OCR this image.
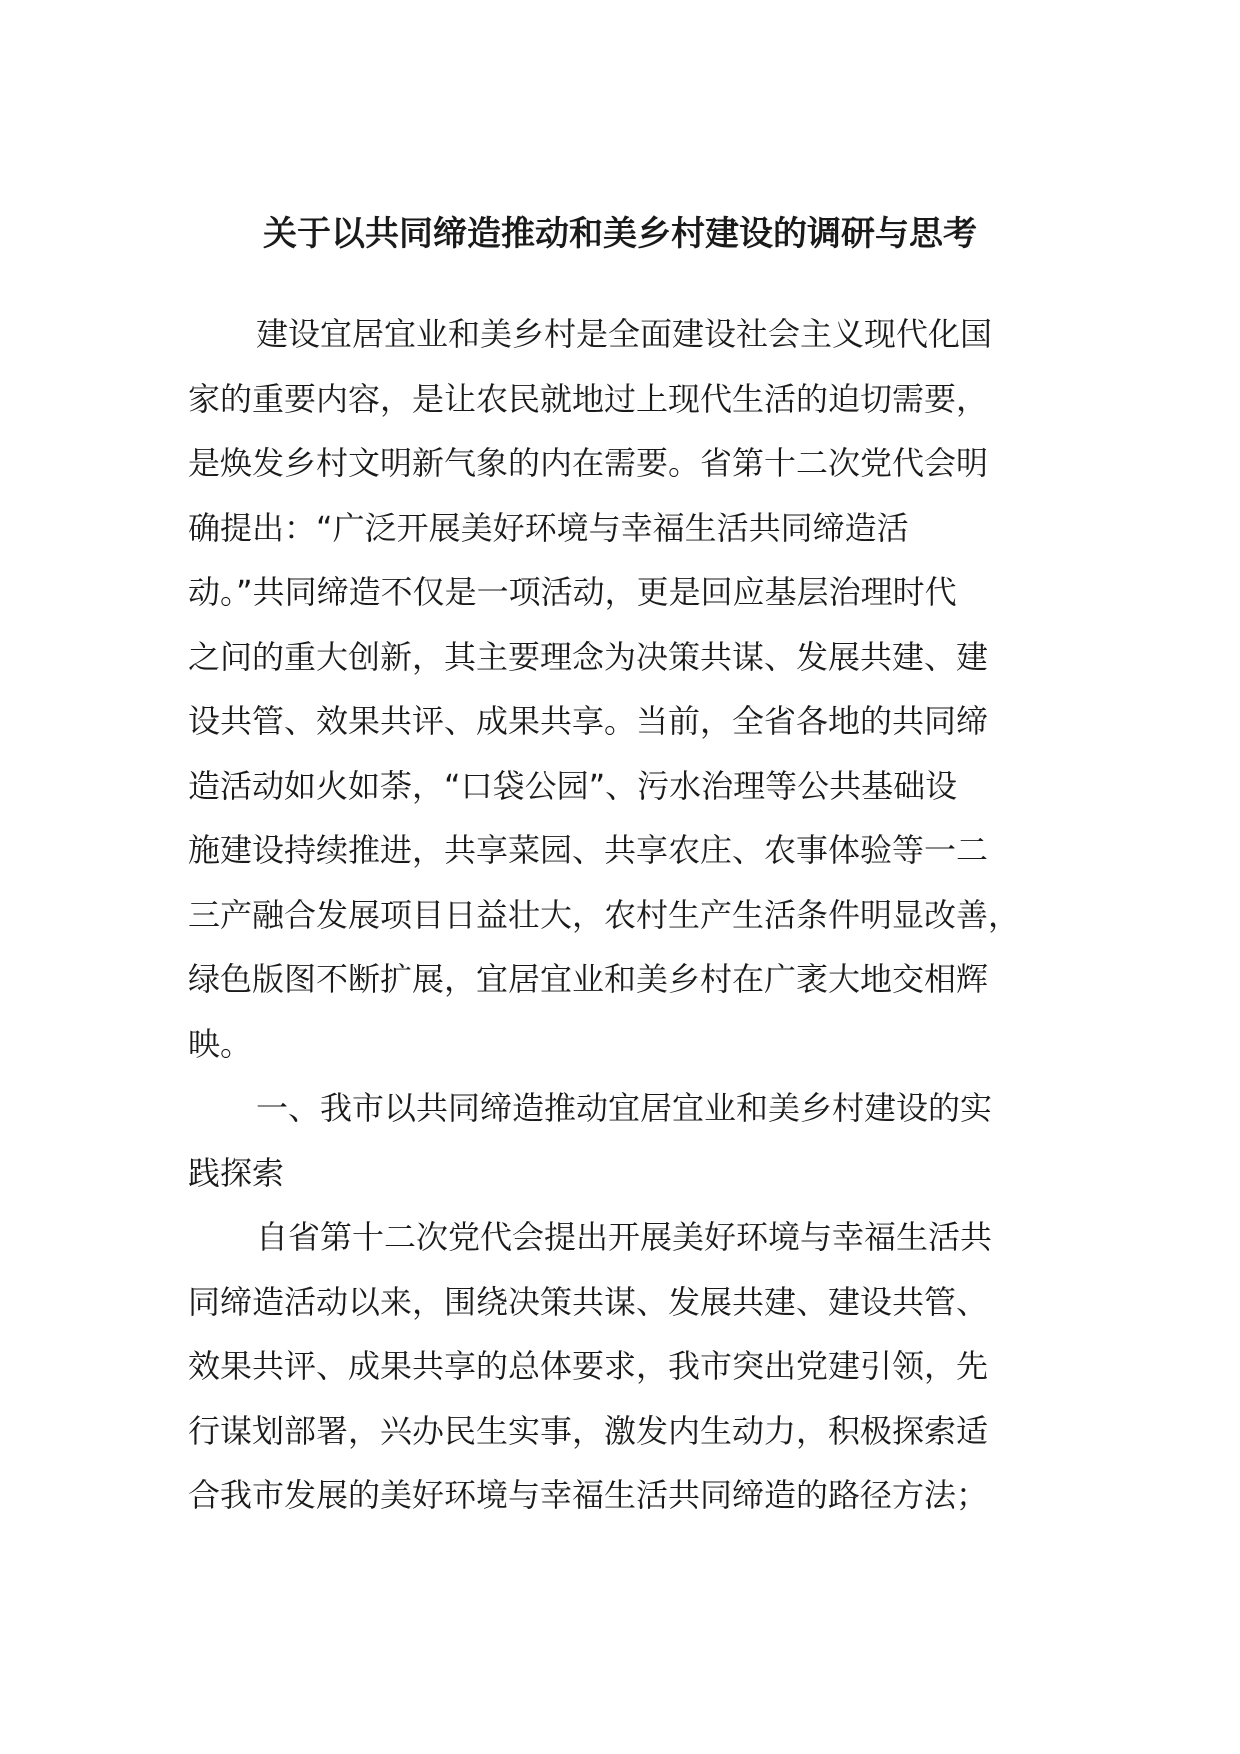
关于以共同缔造推动和美乡村建设的调研与思考
建设宜居宜业和美乡村是全面建设社会主义现代化国
家的重要内容，是让农民就地过上现代生活的迫切需要，
是焕发乡村文明新气象的内在需要。省第十二次党代会明
确提出：“广泛开展美好环境与幸福生活共同缔造活
动。”共同缔造不仅是一项活动，更是回应基层治理时代
之问的重大创新，其主要理念为决策共谋、发展共建、建
设共管、效果共评、成果共享。当前，全省各地的共同缔
造活动如火如荼，“口袋公园”、污水治理等公共基础设
施建设持续推进，共享菜园、共享农庄、农事体验等一二
三产融合发展项目日益壮大，农村生产生活条件明显改善，
绿色版图不断扩展，宜居宜业和美乡村在广袤大地交相辉
映。
一、我市以共同缔造推动宜居宜业和美乡村建设的实
践探索
自省第十二次党代会提出开展美好环境与幸福生活共
同缔造活动以来，围绕决策共谋、发展共建、建设共管、
效果共评、成果共享的总体要求，我市突出党建引领，先
行谋划部署，兴办民生实事，激发内生动力，积极探索适
合我市发展的美好环境与幸福生活共同缔造的路径方法；
